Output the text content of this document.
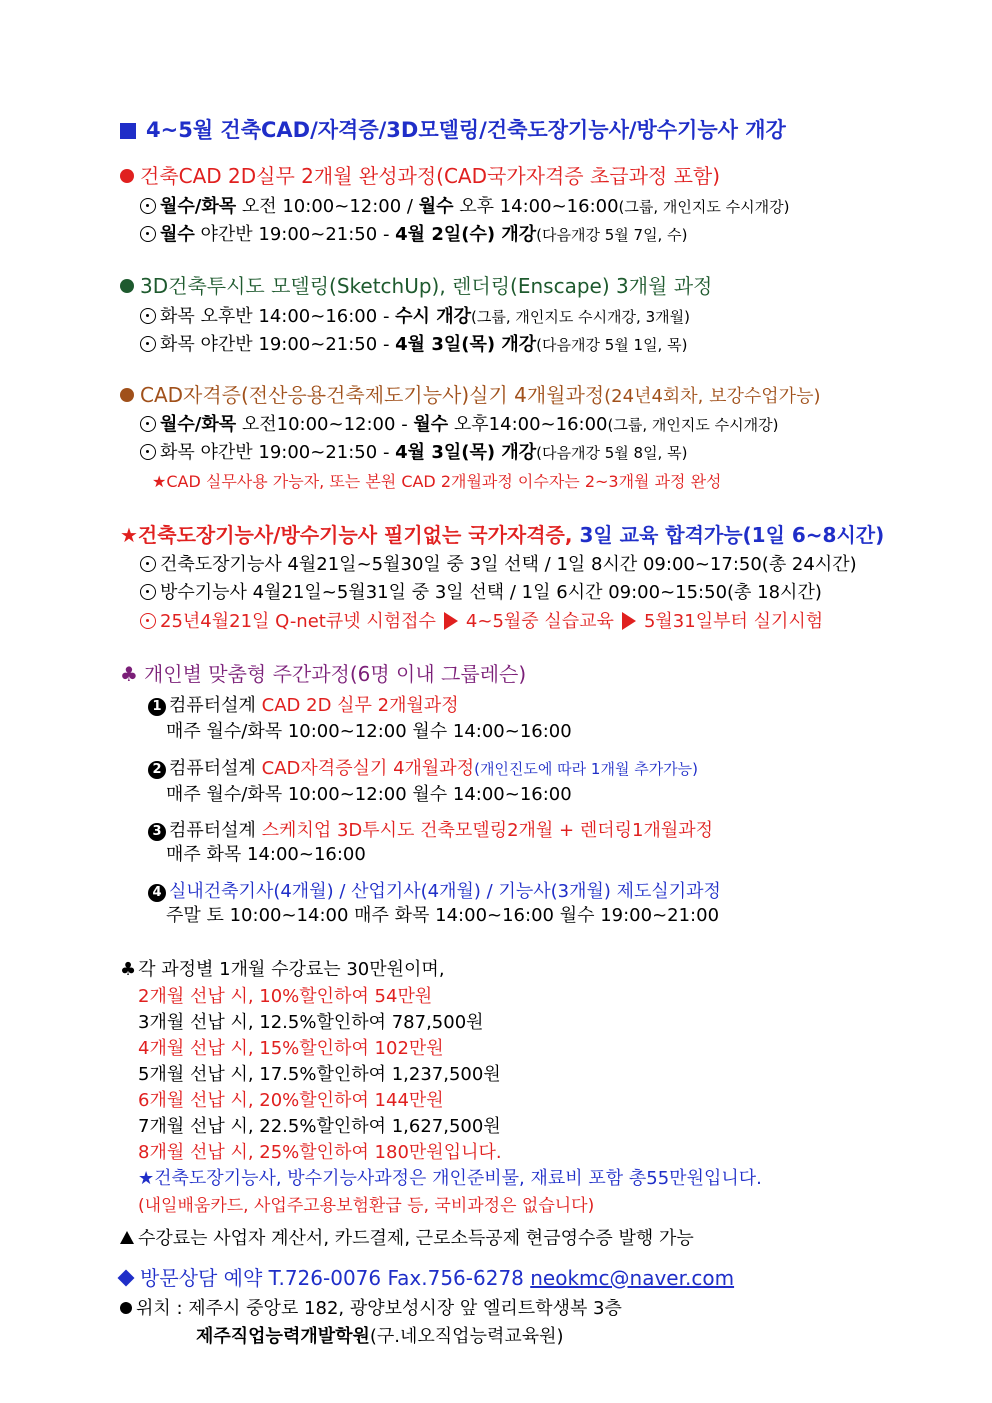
4~5월 건축CAD/자격증/3D모델링/건축도장기능사/방수기능사 개강
건축CAD 2D실무 2개월 완성과정(CAD국가자격증 초급과정 포함)
월수/화목 오전 10:00~12:00 / 월수 오후 14:00~16:00(그룹, 개인지도 수시개강)
월수 야간반 19:00~21:50 - 4월 2일(수) 개강(다음개강 5월 7일, 수)
3D건축투시도 모델링(SketchUp), 렌더링(Enscape) 3개월 과정
화목 오후반 14:00~16:00 - 수시 개강(그룹, 개인지도 수시개강, 3개월)
화목 야간반 19:00~21:50 - 4월 3일(목) 개강(다음개강 5월 1일, 목)
CAD자격증(전산응용건축제도기능사)실기 4개월과정(24년4회차, 보강수업가능)
월수/화목 오전10:00~12:00 - 월수 오후14:00~16:00(그룹, 개인지도 수시개강)
화목 야간반 19:00~21:50 - 4월 3일(목) 개강(다음개강 5월 8일, 목)
★CAD 실무사용 가능자, 또는 본원 CAD 2개월과정 이수자는 2~3개월 과정 완성
★건축도장기능사/방수기능사 필기없는 국가자격증, 3일 교육 합격가능(1일 6~8시간)
건축도장기능사 4월21일~5월30일 중 3일 선택 / 1일 8시간 09:00~17:50(총 24시간)
방수기능사 4월21일~5월31일 중 3일 선택 / 1일 6시간 09:00~15:50(총 18시간)
25년4월21일 Q-net큐넷 시험접수 4~5월중 실습교육 5월31일부터 실기시험
♣ 개인별 맞춤형 주간과정(6명 이내 그룹레슨)
1 컴퓨터설계 CAD 2D 실무 2개월과정
매주 월수/화목 10:00~12:00 월수 14:00~16:00
2 컴퓨터설계 CAD자격증실기 4개월과정(개인진도에 따라 1개월 추가가능)
매주 월수/화목 10:00~12:00 월수 14:00~16:00
3 컴퓨터설계 스케치업 3D투시도 건축모델링2개월 + 렌더링1개월과정
매주 화목 14:00~16:00
4 실내건축기사(4개월) / 산업기사(4개월) / 기능사(3개월) 제도실기과정
주말 토 10:00~14:00 매주 화목 14:00~16:00 월수 19:00~21:00
♣ 각 과정별 1개월 수강료는 30만원이며,
2개월 선납 시, 10%할인하여 54만원
3개월 선납 시, 12.5%할인하여 787,500원
4개월 선납 시, 15%할인하여 102만원
5개월 선납 시, 17.5%할인하여 1,237,500원
6개월 선납 시, 20%할인하여 144만원
7개월 선납 시, 22.5%할인하여 1,627,500원
8개월 선납 시, 25%할인하여 180만원입니다.
★건축도장기능사, 방수기능사과정은 개인준비물, 재료비 포함 총55만원입니다.
(내일배움카드, 사업주고용보험환급 등, 국비과정은 없습니다)
수강료는 사업자 계산서, 카드결제, 근로소득공제 현금영수증 발행 가능
방문상담 예약 T.726-0076 Fax.756-6278 neokmc@naver.com
위치 : 제주시 중앙로 182, 광양보성시장 앞 엘리트학생복 3층
제주직업능력개발학원(구.네오직업능력교육원)
